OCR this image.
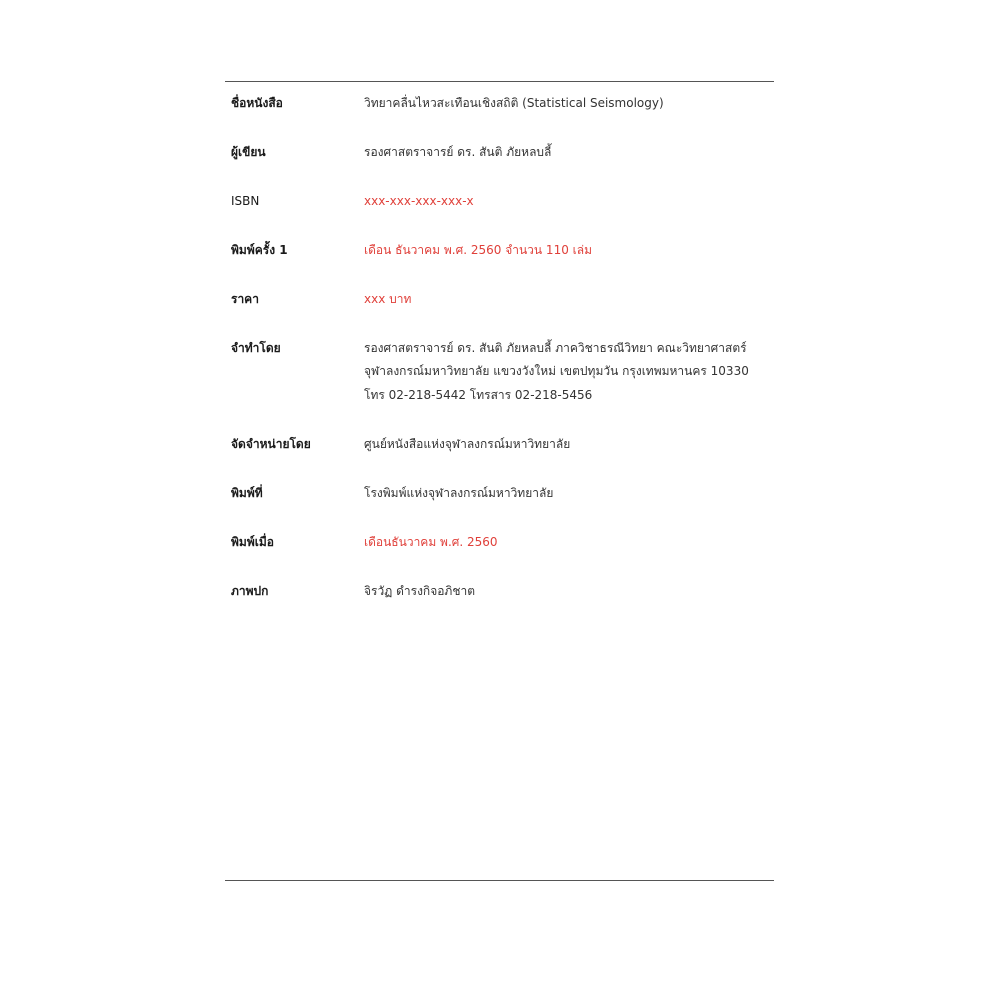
ชื่อหนังสือ	วิทยาคลื่นไหวสะเทือนเชิงสถิติ (Statistical Seismology)
ผู้เขียน	รองศาสตราจารย์ ดร. สันติ ภัยหลบลี้
ISBN	xxx-xxx-xxx-xxx-x
พิมพ์ครั้ง 1	เดือน ธันวาคม พ.ศ. 2560 จำนวน 110 เล่ม
ราคา	xxx บาท
จำทำโดย	รองศาสตราจารย์ ดร. สันติ ภัยหลบลี้ ภาควิชาธรณีวิทยา คณะวิทยาศาสตร์
จุฬาลงกรณ์มหาวิทยาลัย แขวงวังใหม่ เขตปทุมวัน กรุงเทพมหานคร 10330
โทร 02-218-5442 โทรสาร 02-218-5456
จัดจำหน่ายโดย	ศูนย์หนังสือแห่งจุฬาลงกรณ์มหาวิทยาลัย
พิมพ์ที่	โรงพิมพ์แห่งจุฬาลงกรณ์มหาวิทยาลัย
พิมพ์เมื่อ	เดือนธันวาคม พ.ศ. 2560
ภาพปก	จิรวัฏ ดำรงกิจอภิชาต
